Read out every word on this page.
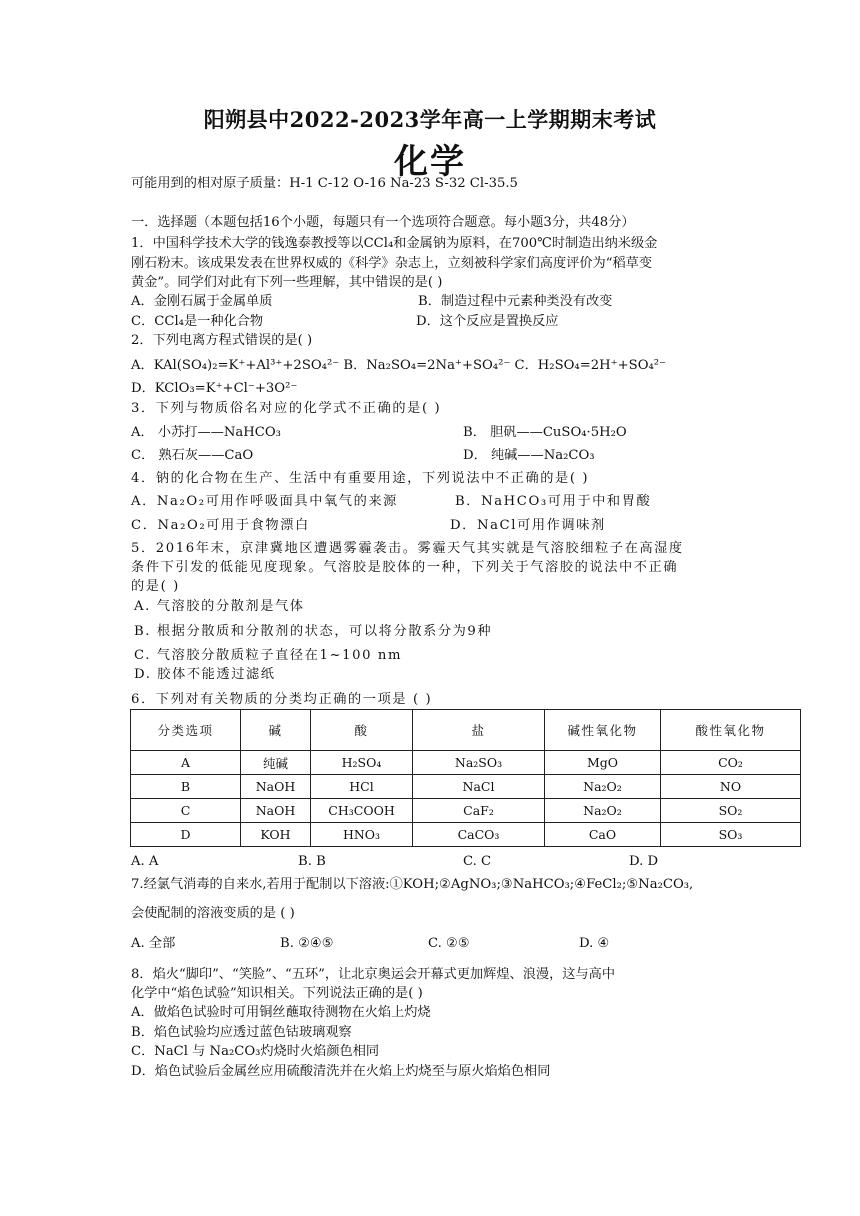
阳朔县中2022-2023学年高一上学期期末考试
化学
可能用到的相对原子质量：H-1 C-12 O-16 Na-23 S-32 Cl-35.5
一．选择题（本题包括16个小题，每题只有一个选项符合题意。每小题3分，共48分）
1．中国科学技术大学的钱逸泰教授等以CCl₄和金属钠为原料，在700℃时制造出纳米级金
刚石粉末。该成果发表在世界权威的《科学》杂志上，立刻被科学家们高度评价为“稻草变
黄金”。同学们对此有下列一些理解，其中错误的是( )
A．金刚石属于金属单质	B．制造过程中元素种类没有改变
C．CCl₄是一种化合物	D．这个反应是置换反应
2．下列电离方程式错误的是( )
A．KAl(SO₄)₂=K⁺+Al³⁺+2SO₄²⁻ B．Na₂SO₄=2Na⁺+SO₄²⁻ C．H₂SO₄=2H⁺+SO₄²⁻
D．KClO₃=K⁺+Cl⁻+3O²⁻
3．下列与物质俗名对应的化学式不正确的是( )
A． 小苏打——NaHCO₃	B． 胆矾——CuSO₄·5H₂O
C． 熟石灰——CaO	D． 纯碱——Na₂CO₃
4．钠的化合物在生产、生活中有重要用途，下列说法中不正确的是( )
A．Na₂O₂可用作呼吸面具中氧气的来源	B．NaHCO₃可用于中和胃酸
C．Na₂O₂可用于食物漂白	D．NaCl可用作调味剂
5．2016年末，京津冀地区遭遇雾霾袭击。雾霾天气其实就是气溶胶细粒子在高湿度
条件下引发的低能见度现象。气溶胶是胶体的一种，下列关于气溶胶的说法中不正确
的是( )
A. 气溶胶的分散剂是气体
B. 根据分散质和分散剂的状态，可以将分散系分为9种
C. 气溶胶分散质粒子直径在1~100 nm
D. 胶体不能透过滤纸
6．下列对有关物质的分类均正确的一项是 ( )
分类选项	碱	酸	盐	碱性氧化物	酸性氧化物
A	纯碱	H₂SO₄	Na₂SO₃	MgO	CO₂
B	NaOH	HCl	NaCl	Na₂O₂	NO
C	NaOH	CH₃COOH	CaF₂	Na₂O₂	SO₂
D	KOH	HNO₃	CaCO₃	CaO	SO₃
A. A	B. B	C. C	D. D
7.经氯气消毒的自来水,若用于配制以下溶液:①KOH;②AgNO₃;③NaHCO₃;④FeCl₂;⑤Na₂CO₃,
会使配制的溶液变质的是 ( )
A. 全部	B. ②④⑤	C. ②⑤	D. ④
8．焰火“脚印”、“笑脸”、“五环”，让北京奥运会开幕式更加辉煌、浪漫，这与高中
化学中“焰色试验”知识相关。下列说法正确的是( )
A．做焰色试验时可用铜丝蘸取待测物在火焰上灼烧
B．焰色试验均应透过蓝色钴玻璃观察
C．NaCl 与 Na₂CO₃灼烧时火焰颜色相同
D．焰色试验后金属丝应用硫酸清洗并在火焰上灼烧至与原火焰焰色相同
